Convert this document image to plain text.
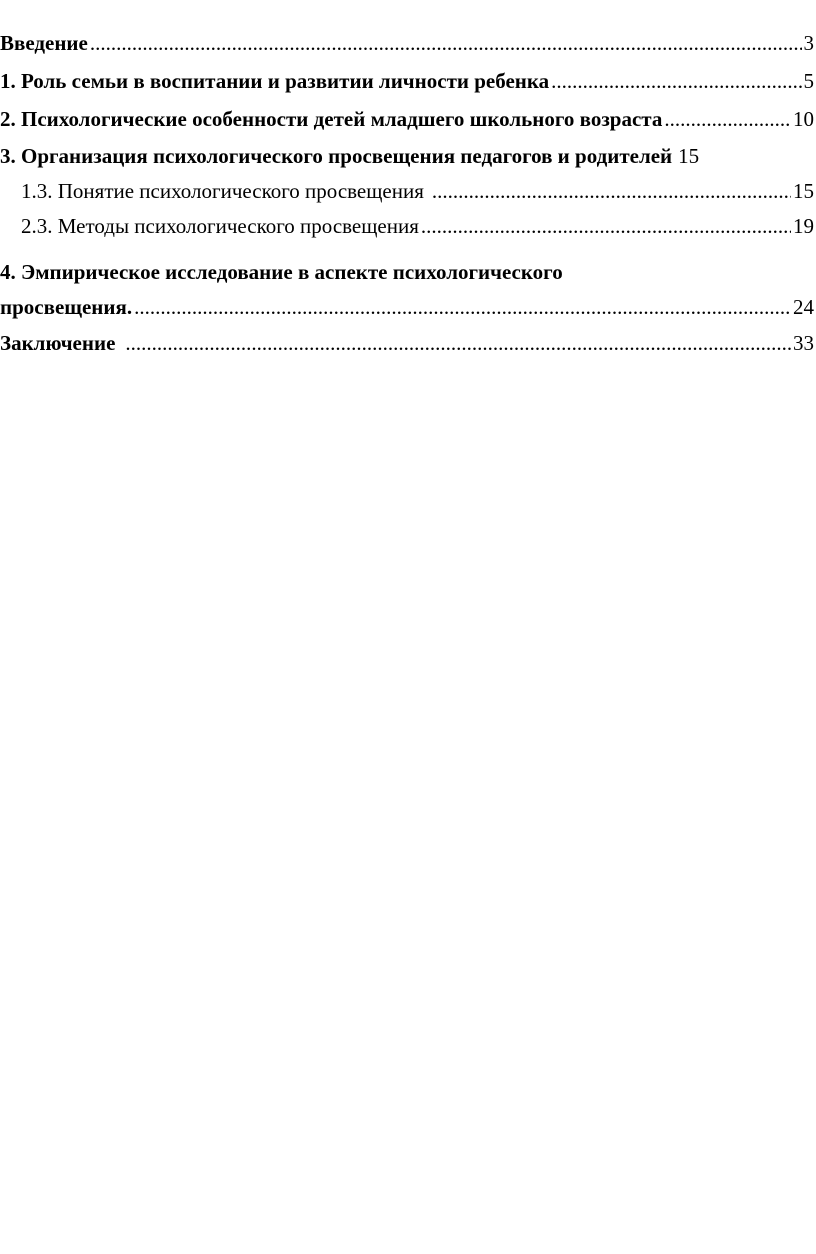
Введение .....	3
1. Роль семьи в воспитании и развитии личности ребенка .....	5
2. Психологические особенности детей младшего школьного возраста .....	10
3. Организация психологического просвещения педагогов и родителей 15
1.3. Понятие психологического просвещения .....	15
2.3. Методы психологического просвещения .....	19
4. Эмпирическое исследование в аспекте психологического
просвещения. .....	24
Заключение .....	33
